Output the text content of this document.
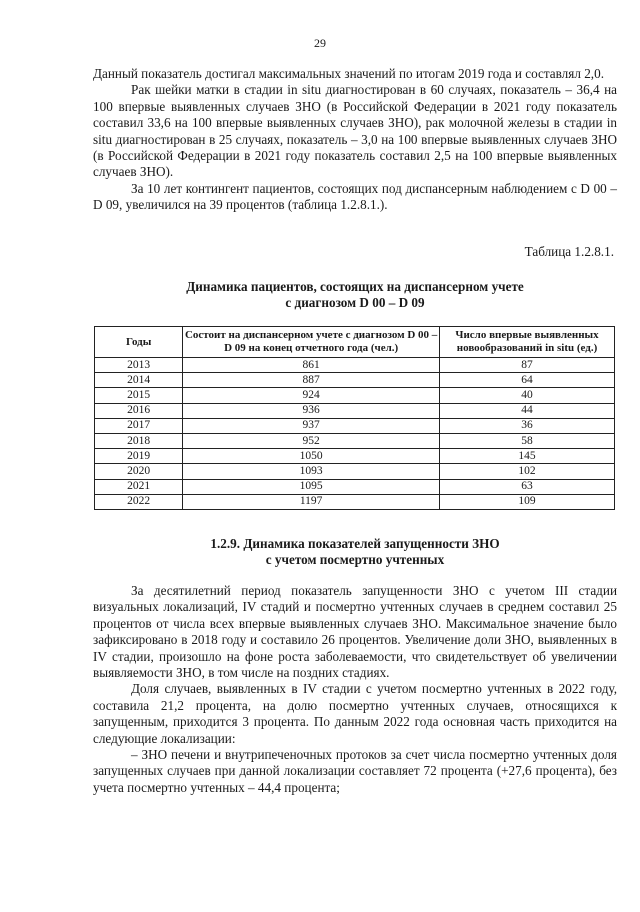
29
Данный показатель достигал максимальных значений по итогам 2019 года и составлял 2,0.
Рак шейки матки в стадии in situ диагностирован в 60 случаях, показатель – 36,4 на 100 впервые выявленных случаев ЗНО (в Российской Федерации в 2021 году показатель составил 33,6 на 100 впервые выявленных случаев ЗНО), рак молочной железы в стадии in situ диагностирован в 25 случаях, показатель – 3,0 на 100 впервые выявленных случаев ЗНО (в Российской Федерации в 2021 году показатель составил 2,5 на 100 впервые выявленных случаев ЗНО).
За 10 лет контингент пациентов, состоящих под диспансерным наблюдением с D 00 – D 09, увеличился на 39 процентов (таблица 1.2.8.1.).
Таблица 1.2.8.1.
Динамика пациентов, состоящих на диспансерном учете
с диагнозом D 00 – D 09
Годы	Состоит на диспансерном учете с диагнозом D 00 – D 09 на конец отчетного года (чел.)	Число впервые выявленных новообразований in situ (ед.)
2013	861	87
2014	887	64
2015	924	40
2016	936	44
2017	937	36
2018	952	58
2019	1050	145
2020	1093	102
2021	1095	63
2022	1197	109
1.2.9. Динамика показателей запущенности ЗНО
с учетом посмертно учтенных
За десятилетний период показатель запущенности ЗНО с учетом III стадии визуальных локализаций, IV стадий и посмертно учтенных случаев в среднем составил 25 процентов от числа всех впервые выявленных случаев ЗНО. Максимальное значение было зафиксировано в 2018 году и составило 26 процентов. Увеличение доли ЗНО, выявленных в IV стадии, произошло на фоне роста заболеваемости, что свидетельствует об увеличении выявляемости ЗНО, в том числе на поздних стадиях.
Доля случаев, выявленных в IV стадии с учетом посмертно учтенных в 2022 году, составила 21,2 процента, на долю посмертно учтенных случаев, относящихся к запущенным, приходится 3 процента. По данным 2022 года основная часть приходится на следующие локализации:
– ЗНО печени и внутрипеченочных протоков за счет числа посмертно учтенных доля запущенных случаев при данной локализации составляет 72 процента (+27,6 процента), без учета посмертно учтенных – 44,4 процента;
